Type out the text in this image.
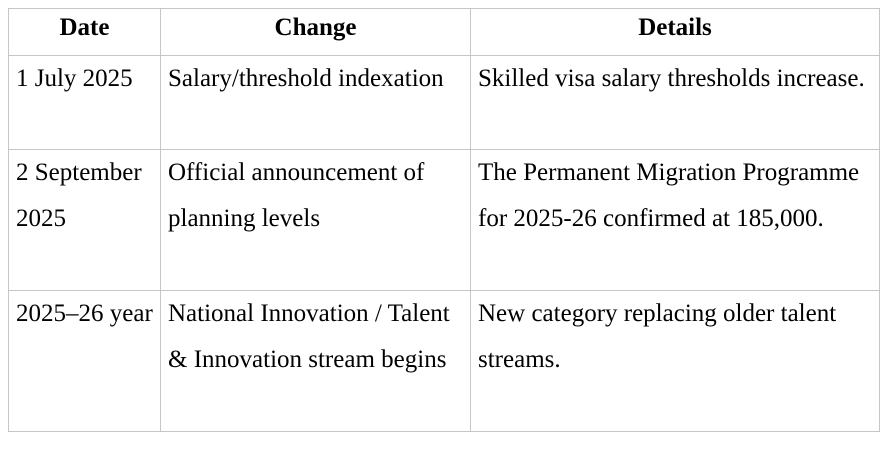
Date	Change	Details
1 July 2025	Salary/threshold indexation	Skilled visa salary thresholds increase.
2 September 2025	Official announcement of planning levels	The Permanent Migration Programme for 2025-26 confirmed at 185,000.
2025–26 year	National Innovation / Talent & Innovation stream begins	New category replacing older talent streams.
